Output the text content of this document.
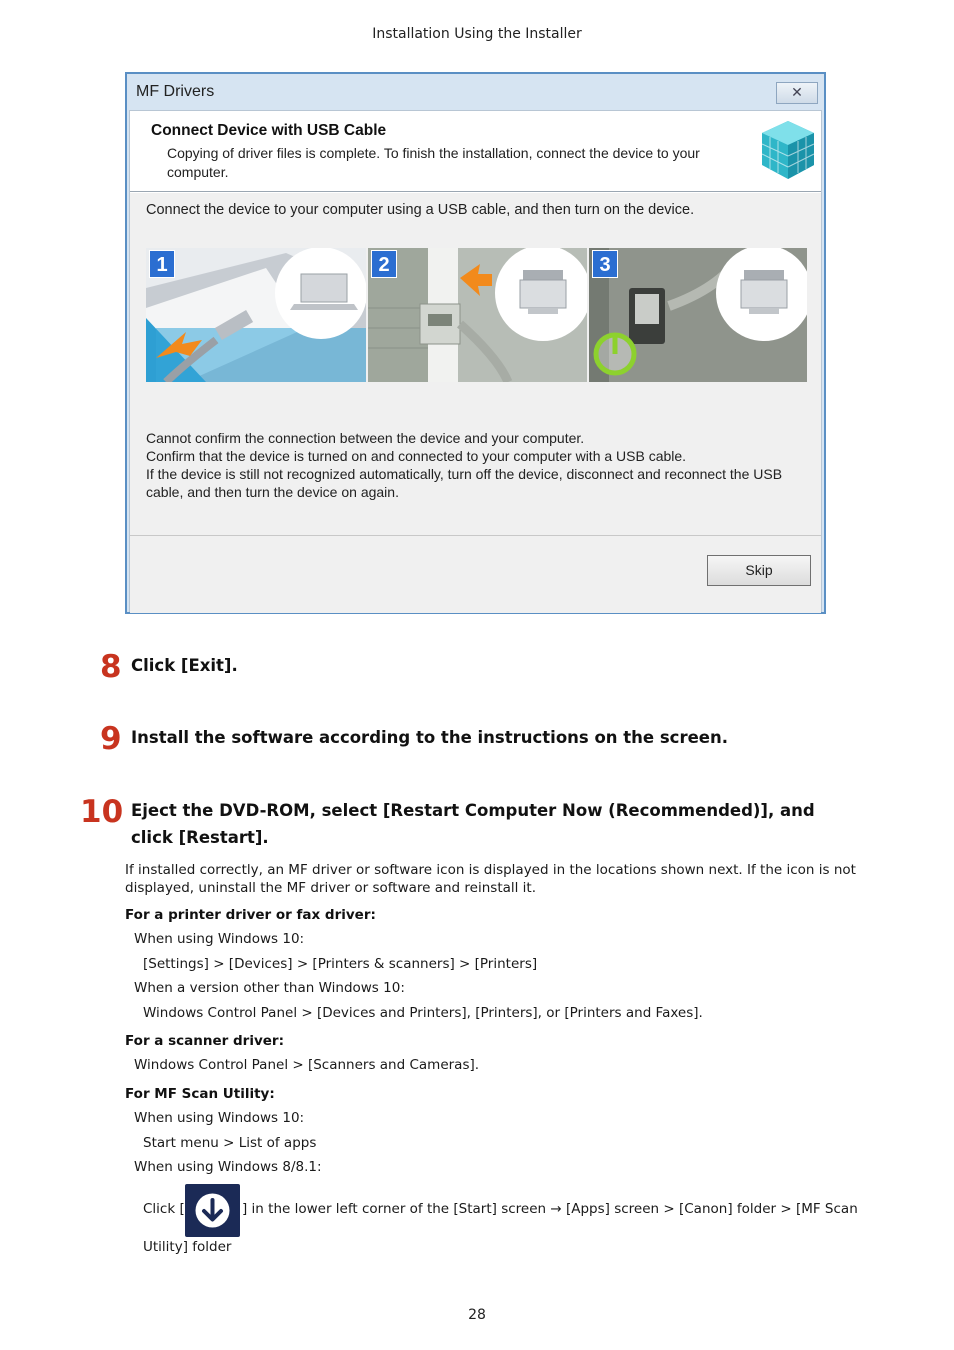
Installation Using the Installer
MF Drivers	✕
Connect Device with USB Cable
Copying of driver files is complete. To finish the installation, connect the device to your computer.
Connect the device to your computer using a USB cable, and then turn on the device.
1	2	3
Cannot confirm the connection between the device and your computer.
Confirm that the device is turned on and connected to your computer with a USB cable.
If the device is still not recognized automatically, turn off the device, disconnect and reconnect the USB cable, and then turn the device on again.
Skip
8 Click [Exit].
9 Install the software according to the instructions on the screen.
10 Eject the DVD-ROM, select [Restart Computer Now (Recommended)], and click [Restart].
If installed correctly, an MF driver or software icon is displayed in the locations shown next. If the icon is not displayed, uninstall the MF driver or software and reinstall it.
For a printer driver or fax driver:
When using Windows 10:
[Settings] > [Devices] > [Printers & scanners] > [Printers]
When a version other than Windows 10:
Windows Control Panel > [Devices and Printers], [Printers], or [Printers and Faxes].
For a scanner driver:
Windows Control Panel > [Scanners and Cameras].
For MF Scan Utility:
When using Windows 10:
Start menu > List of apps
When using Windows 8/8.1:
Click [	] in the lower left corner of the [Start] screen → [Apps] screen > [Canon] folder > [MF Scan
Utility] folder
28
